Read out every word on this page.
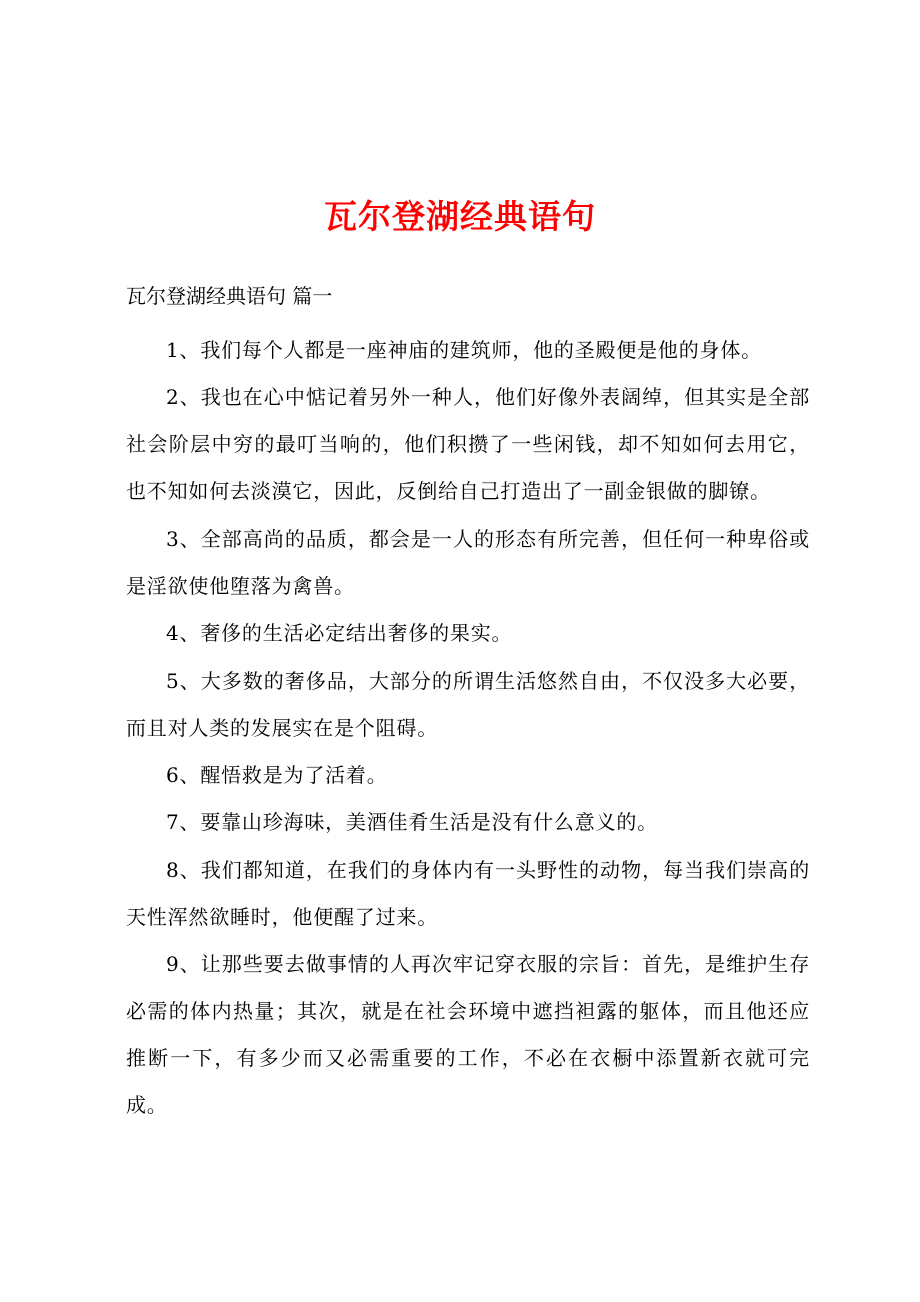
瓦尔登湖经典语句

瓦尔登湖经典语句 篇一

1、我们每个人都是一座神庙的建筑师，他的圣殿便是他的身体。

2、我也在心中惦记着另外一种人，他们好像外表阔绰，但其实是全部社会阶层中穷的最叮当响的，他们积攒了一些闲钱，却不知如何去用它，也不知如何去淡漠它，因此，反倒给自己打造出了一副金银做的脚镣。

3、全部高尚的品质，都会是一人的形态有所完善，但任何一种卑俗或是淫欲使他堕落为禽兽。

4、奢侈的生活必定结出奢侈的果实。

5、大多数的奢侈品，大部分的所谓生活悠然自由，不仅没多大必要，而且对人类的发展实在是个阻碍。

6、醒悟救是为了活着。

7、要靠山珍海味，美酒佳肴生活是没有什么意义的。

8、我们都知道，在我们的身体内有一头野性的动物，每当我们崇高的天性浑然欲睡时，他便醒了过来。

9、让那些要去做事情的人再次牢记穿衣服的宗旨：首先，是维护生存必需的体内热量；其次，就是在社会环境中遮挡袒露的躯体，而且他还应推断一下，有多少而又必需重要的工作，不必在衣橱中添置新衣就可完成。
